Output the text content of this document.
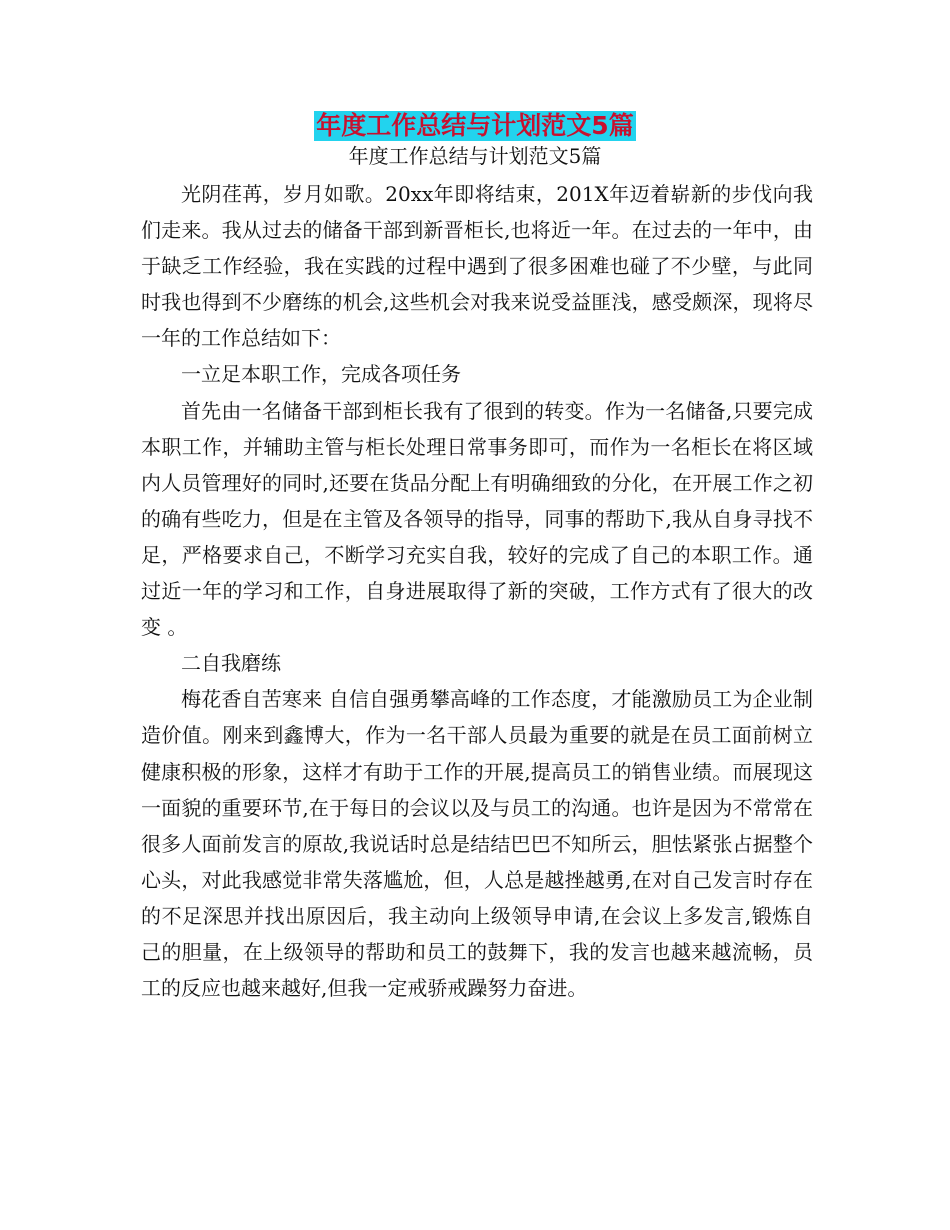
年度工作总结与计划范文5篇
年度工作总结与计划范文5篇

光阴荏苒，岁月如歌。20xx年即将结束，201X年迈着崭新的步伐向我们走来。我从过去的储备干部到新晋柜长,也将近一年。在过去的一年中，由于缺乏工作经验，我在实践的过程中遇到了很多困难也碰了不少壁，与此同时我也得到不少磨练的机会,这些机会对我来说受益匪浅，感受颇深，现将尽一年的工作总结如下：

一立足本职工作，完成各项任务

首先由一名储备干部到柜长我有了很到的转变。作为一名储备,只要完成本职工作，并辅助主管与柜长处理日常事务即可，而作为一名柜长在将区域内人员管理好的同时,还要在货品分配上有明确细致的分化，在开展工作之初的确有些吃力，但是在主管及各领导的指导，同事的帮助下,我从自身寻找不足，严格要求自己，不断学习充实自我，较好的完成了自己的本职工作。通过近一年的学习和工作，自身进展取得了新的突破，工作方式有了很大的改变 。

二自我磨练

梅花香自苦寒来 自信自强勇攀高峰的工作态度，才能激励员工为企业制造价值。刚来到鑫博大，作为一名干部人员最为重要的就是在员工面前树立健康积极的形象，这样才有助于工作的开展,提高员工的销售业绩。而展现这一面貌的重要环节,在于每日的会议以及与员工的沟通。也许是因为不常常在很多人面前发言的原故,我说话时总是结结巴巴不知所云，胆怯紧张占据整个心头，对此我感觉非常失落尴尬，但，人总是越挫越勇,在对自己发言时存在的不足深思并找出原因后，我主动向上级领导申请,在会议上多发言,锻炼自己的胆量，在上级领导的帮助和员工的鼓舞下，我的发言也越来越流畅，员工的反应也越来越好,但我一定戒骄戒躁努力奋进。
